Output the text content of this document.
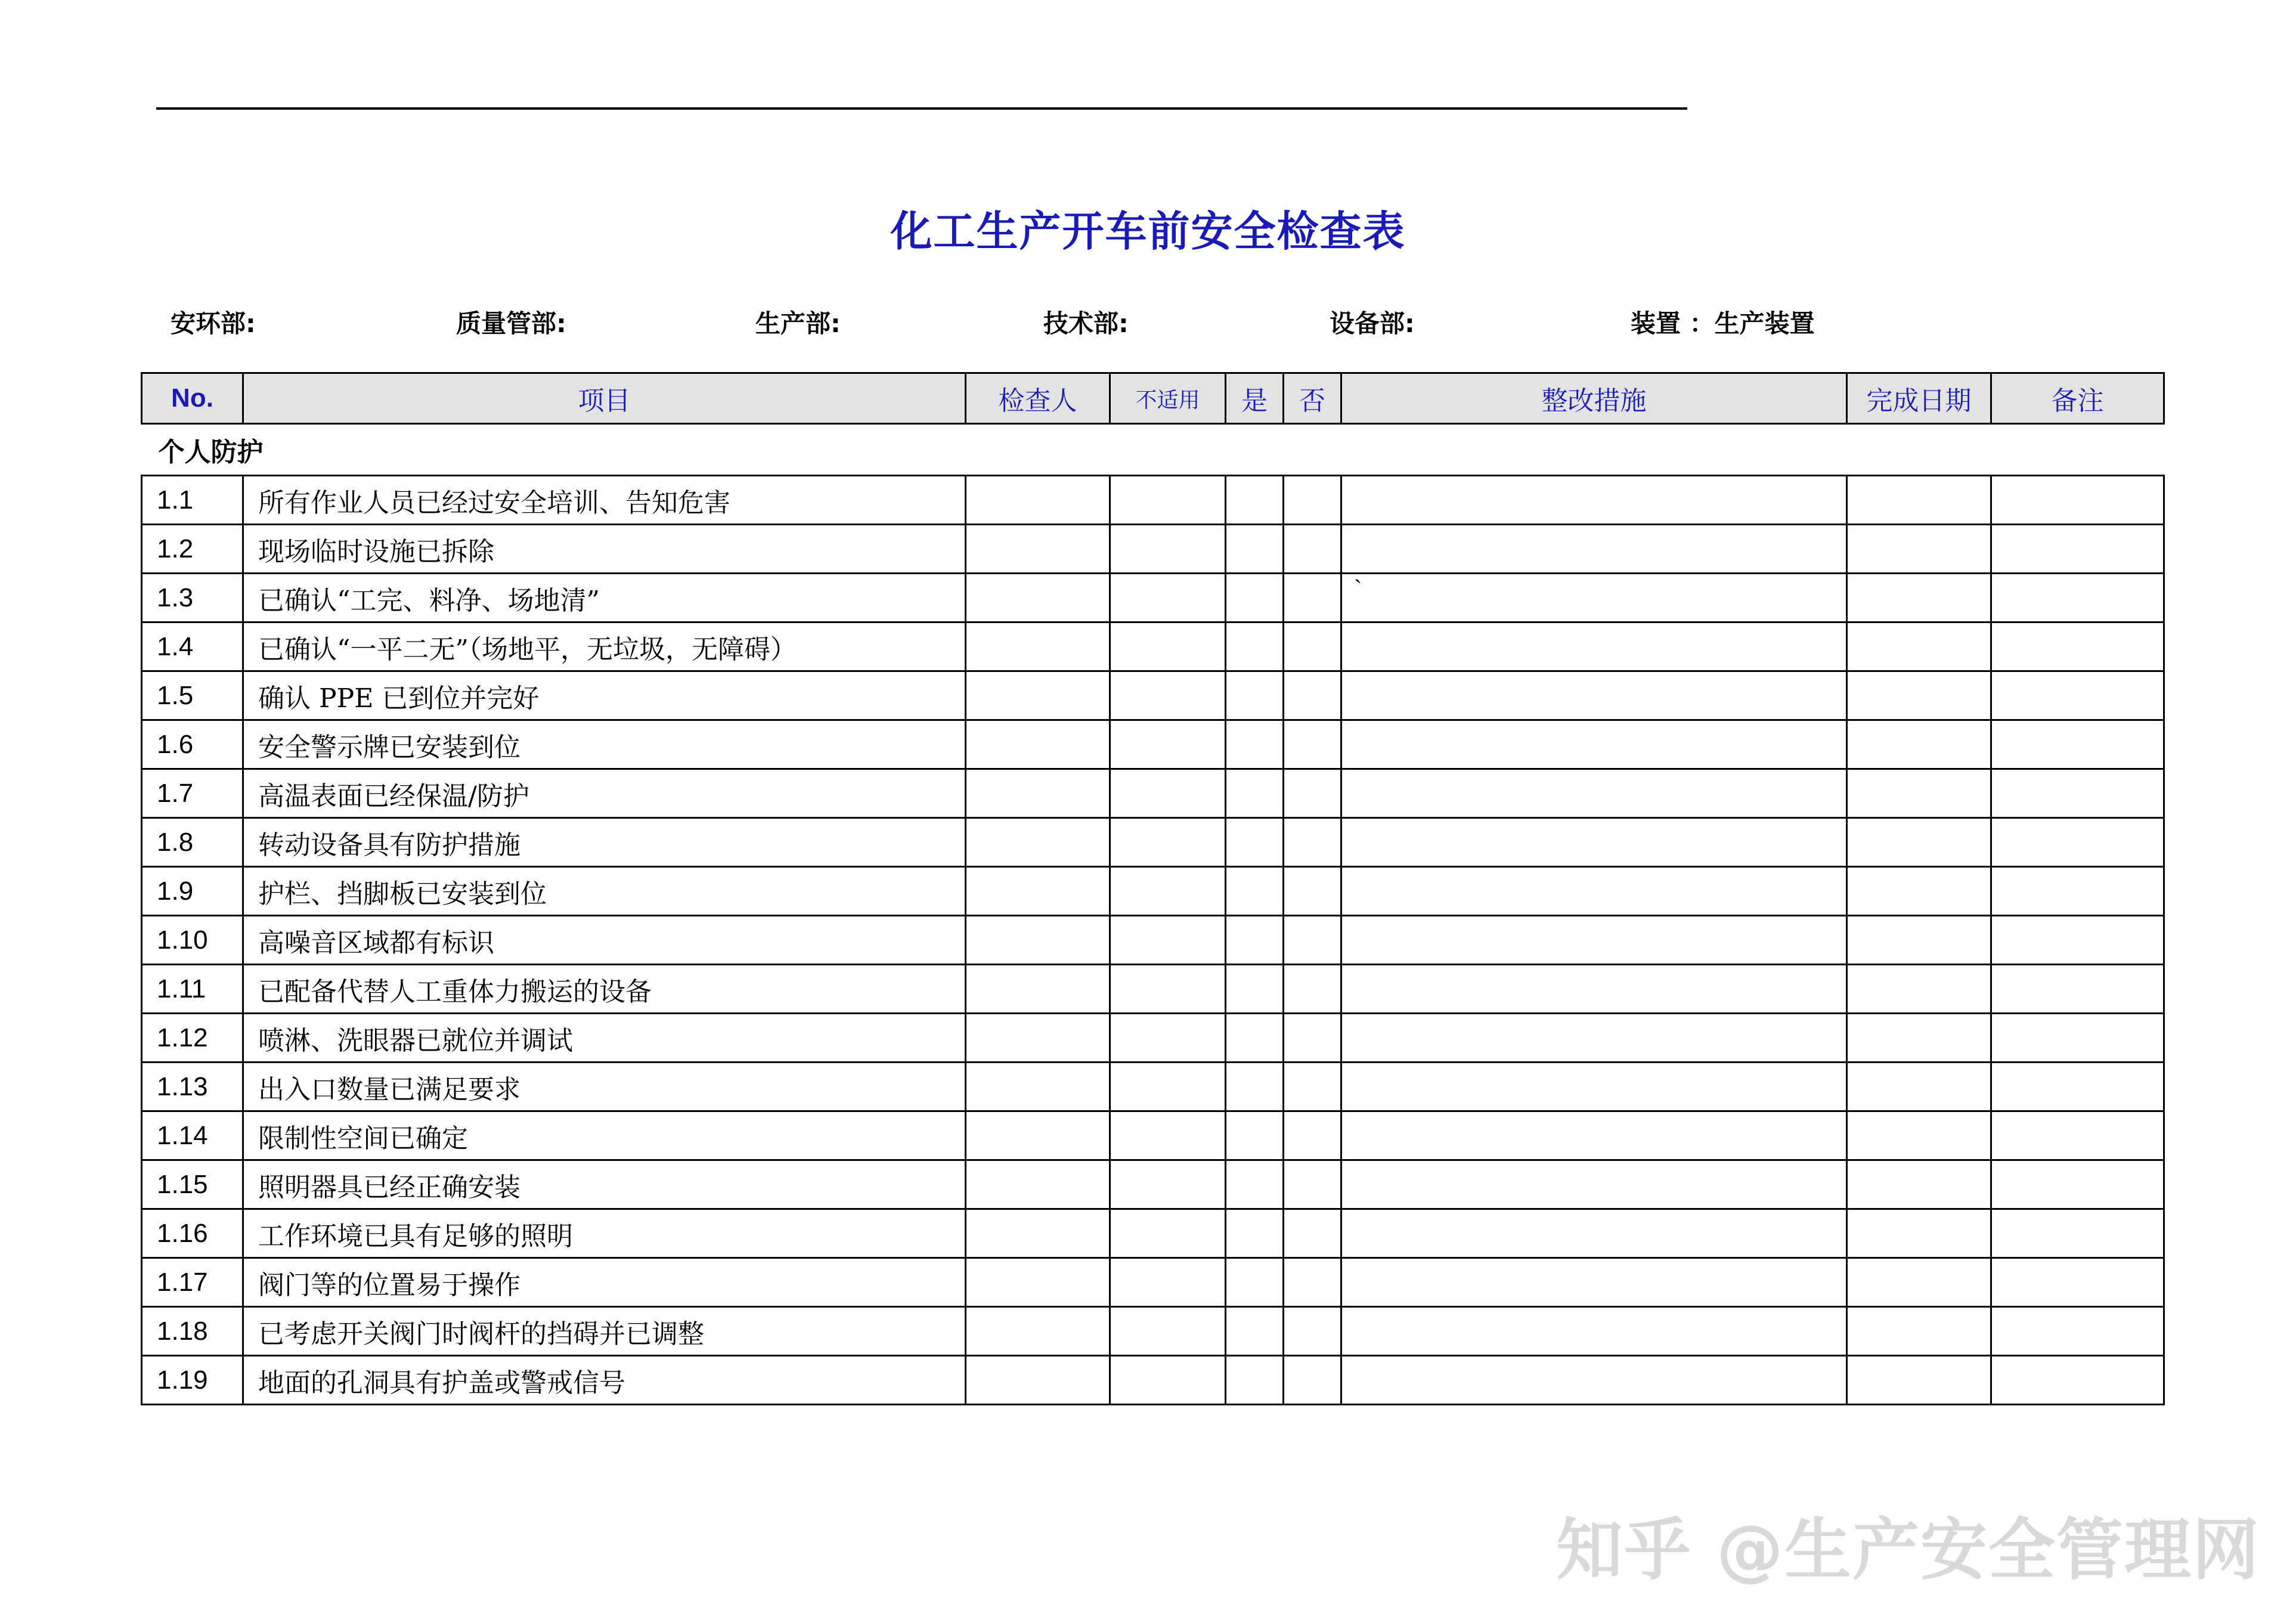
化工生产开车前安全检查表
安环部:	质量管部:	生产部:	技术部:	设备部:	装置 ：生产装置
No.	项目	检查人	不适用	是	否	整改措施	完成日期	备注
个人防护								
1.1	所有作业人员已经过安全培训、告知危害							
1.2	现场临时设施已拆除							
1.3	已确认“工完、料净、场地清”					`		
1.4	已确认“一平二无”（场地平，无垃圾，无障碍）							
1.5	确认 PPE 已到位并完好							
1.6	安全警示牌已安装到位							
1.7	高温表面已经保温/防护							
1.8	转动设备具有防护措施							
1.9	护栏、挡脚板已安装到位							
1.10	高噪音区域都有标识							
1.11	已配备代替人工重体力搬运的设备							
1.12	喷淋、洗眼器已就位并调试							
1.13	出入口数量已满足要求							
1.14	限制性空间已确定							
1.15	照明器具已经正确安装							
1.16	工作环境已具有足够的照明							
1.17	阀门等的位置易于操作							
1.18	已考虑开关阀门时阀杆的挡碍并已调整							
1.19	地面的孔洞具有护盖或警戒信号							
知乎 @生产安全管理网
